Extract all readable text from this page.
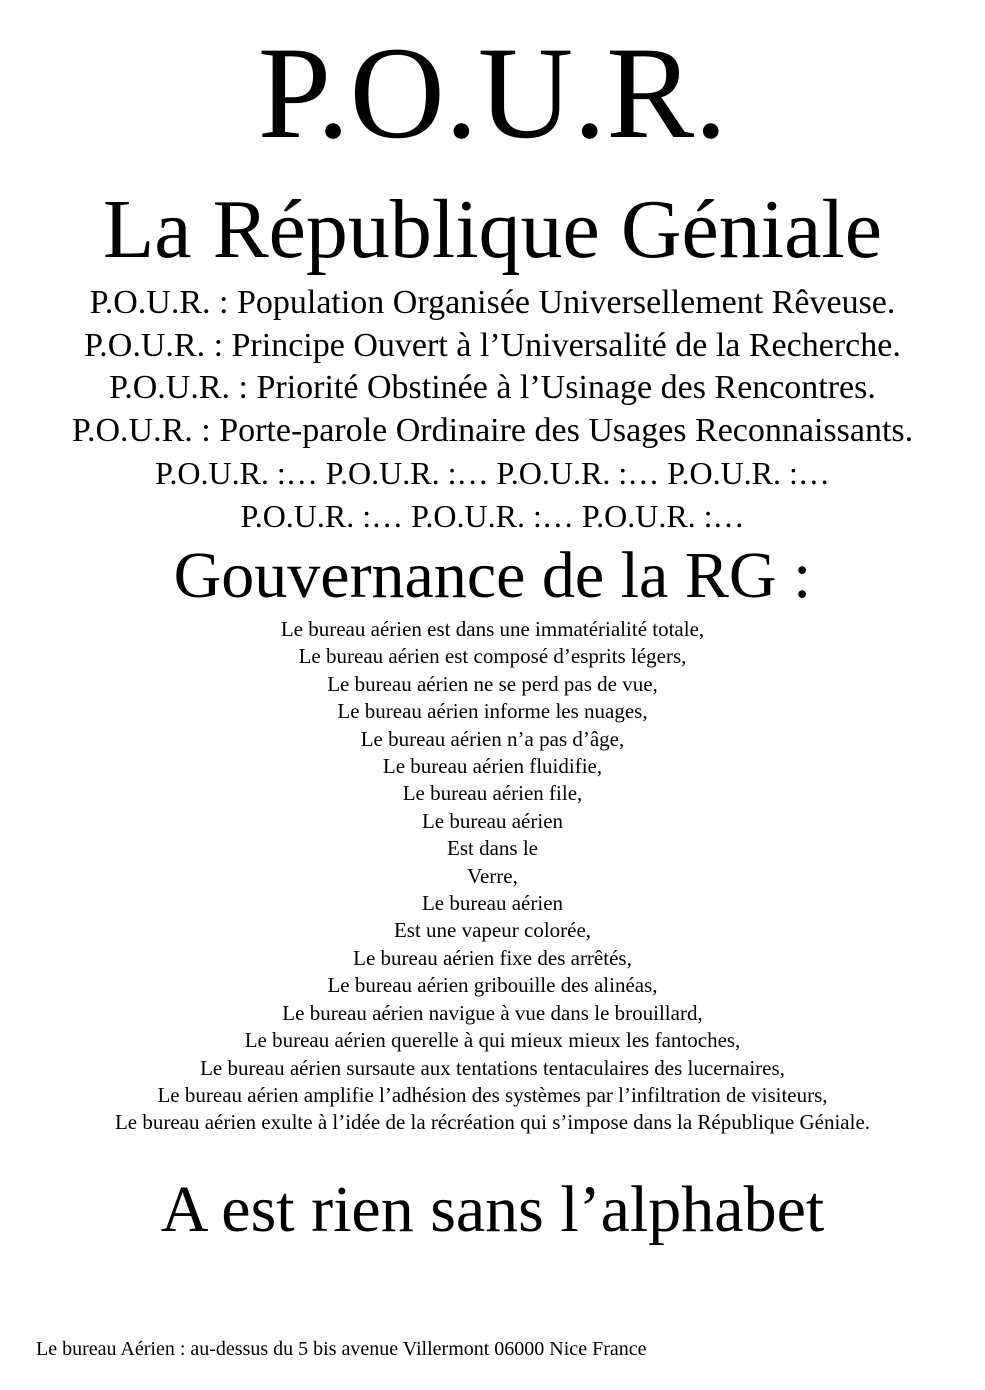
P.O.U.R.
La République Géniale
P.O.U.R. : Population Organisée Universellement Rêveuse.
P.O.U.R. : Principe Ouvert à l’Universalité de la Recherche.
P.O.U.R. : Priorité Obstinée à l’Usinage des Rencontres.
P.O.U.R. : Porte-parole Ordinaire des Usages Reconnaissants.
P.O.U.R. :… P.O.U.R. :… P.O.U.R. :… P.O.U.R. :…
P.O.U.R. :… P.O.U.R. :… P.O.U.R. :…
Gouvernance de la RG :
Le bureau aérien est dans une immatérialité totale,
Le bureau aérien est composé d’esprits légers,
Le bureau aérien ne se perd pas de vue,
Le bureau aérien informe les nuages,
Le bureau aérien n’a pas d’âge,
Le bureau aérien fluidifie,
Le bureau aérien file,
Le bureau aérien
Est dans le
Verre,
Le bureau aérien
Est une vapeur colorée,
Le bureau aérien fixe des arrêtés,
Le bureau aérien gribouille des alinéas,
Le bureau aérien navigue à vue dans le brouillard,
Le bureau aérien querelle à qui mieux mieux les fantoches,
Le bureau aérien sursaute aux tentations tentaculaires des lucernaires,
Le bureau aérien amplifie l’adhésion des systèmes par l’infiltration de visiteurs,
Le bureau aérien exulte à l’idée de la récréation qui s’impose dans la République Géniale.
A est rien sans l’alphabet
Le bureau Aérien : au-dessus du 5 bis avenue Villermont 06000 Nice France
